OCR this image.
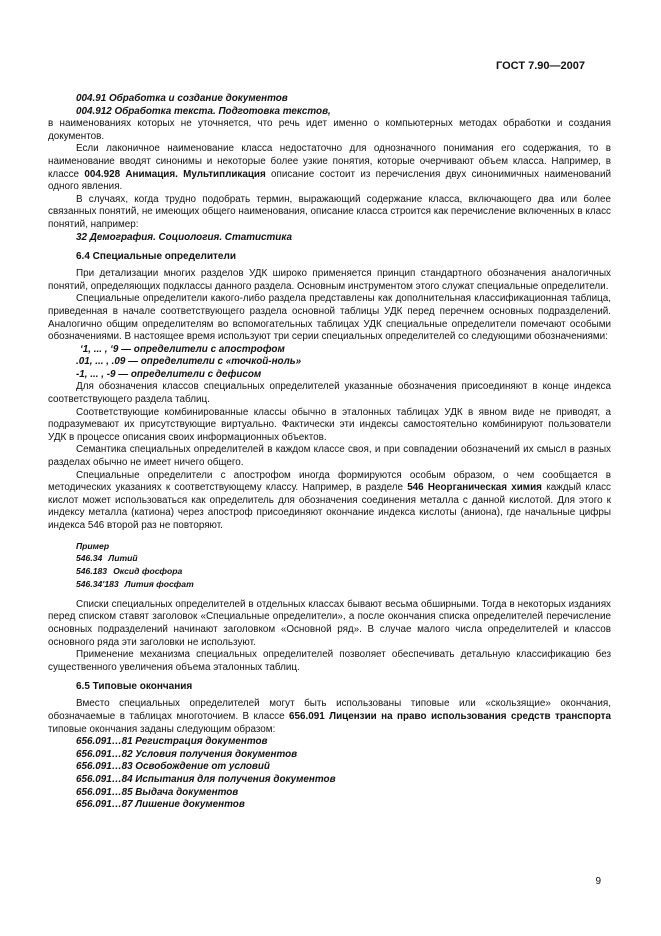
ГОСТ 7.90—2007

004.91 Обработка и создание документов

004.912 Обработка текста. Подготовка текстов,

в наименованиях которых не уточняется, что речь идет именно о компьютерных методах обработки и создания документов.

Если лаконичное наименование класса недостаточно для однозначного понимания его содержания, то в наименование вводят синонимы и некоторые более узкие понятия, которые очерчивают объем класса. Например, в классе 004.928 Анимация. Мультипликация описание состоит из перечисления двух синонимичных наименований одного явления.

В случаях, когда трудно подобрать термин, выражающий содержание класса, включающего два или более связанных понятий, не имеющих общего наименования, описание класса строится как перечисление включенных в класс понятий, например:

32 Демография. Социология. Статистика

6.4 Специальные определители

При детализации многих разделов УДК широко применяется принцип стандартного обозначения аналогичных понятий, определяющих подклассы данного раздела. Основным инструментом этого служат специальные определители.

Специальные определители какого-либо раздела представлены как дополнительная классификационная таблица, приведенная в начале соответствующего раздела основной таблицы УДК перед перечнем основных подразделений. Аналогично общим определителям во вспомогательных таблицах УДК специальные определители помечают особыми обозначениями. В настоящее время используют три серии специальных определителей со следующими обозначениями:

‘1, ... , ‘9 — определители с апострофом

.01, ... , .09 — определители с «точкой-ноль»

-1, ... , -9 — определители с дефисом

Для обозначения классов специальных определителей указанные обозначения присоединяют в конце индекса соответствующего раздела таблиц.

Соответствующие комбинированные классы обычно в эталонных таблицах УДК в явном виде не приводят, а подразумевают их присутствующие виртуально. Фактически эти индексы самостоятельно комбинируют пользователи УДК в процессе описания своих информационных объектов.

Семантика специальных определителей в каждом классе своя, и при совпадении обозначений их смысл в разных разделах обычно не имеет ничего общего.

Специальные определители с апострофом иногда формируются особым образом, о чем сообщается в методических указаниях к соответствующему классу. Например, в разделе 546 Неорганическая химия каждый класс кислот может использоваться как определитель для обозначения соединения металла с данной кислотой. Для этого к индексу металла (катиона) через апостроф присоединяют окончание индекса кислоты (аниона), где начальные цифры индекса 546 второй раз не повторяют.

Пример
546.34 Литий
546.183 Оксид фосфора
546.34'183 Лития фосфат

Списки специальных определителей в отдельных классах бывают весьма обширными. Тогда в некоторых изданиях перед списком ставят заголовок «Специальные определители», а после окончания списка определителей перечисление основных подразделений начинают заголовком «Основной ряд». В случае малого числа определителей и классов основного ряда эти заголовки не используют.

Применение механизма специальных определителей позволяет обеспечивать детальную классификацию без существенного увеличения объема эталонных таблиц.

6.5 Типовые окончания

Вместо специальных определителей могут быть использованы типовые или «скользящие» окончания, обозначаемые в таблицах многоточием. В классе 656.091 Лицензии на право использования средств транспорта типовые окончания заданы следующим образом:

656.091…81 Регистрация документов

656.091…82 Условия получения документов

656.091…83 Освобождение от условий

656.091…84 Испытания для получения документов

656.091…85 Выдача документов

656.091…87 Лишение документов

9
